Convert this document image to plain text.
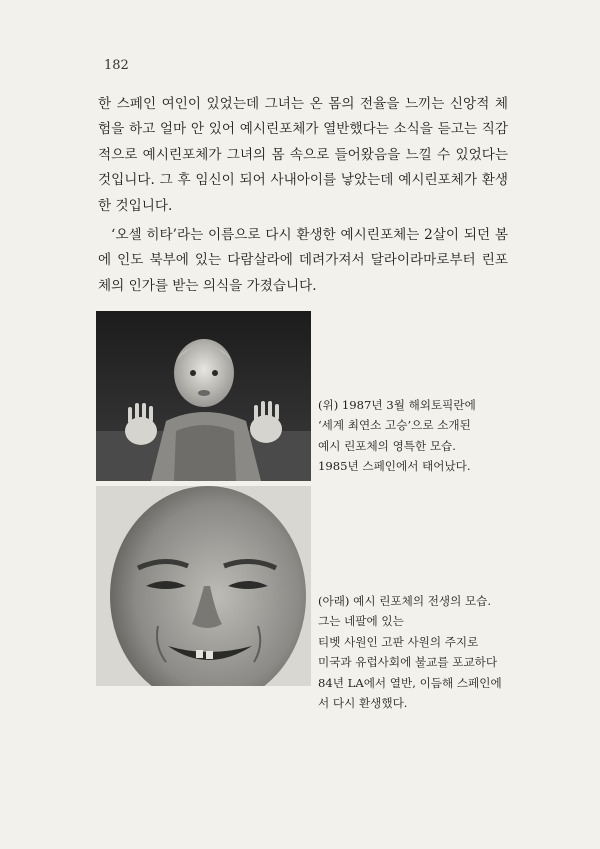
182

한 스페인 여인이 있었는데 그녀는 온 몸의 전율을 느끼는 신앙적 체험을 하고 얼마 안 있어 예시린포체가 열반했다는 소식을 듣고는 직감적으로 예시린포체가 그녀의 몸 속으로 들어왔음을 느낄 수 있었다는 것입니다. 그 후 임신이 되어 사내아이를 낳았는데 예시린포체가 환생한 것입니다.

‘오셀 히타’라는 이름으로 다시 환생한 예시린포체는 2살이 되던 봄에 인도 북부에 있는 다람살라에 데려가져서 달라이라마로부터 린포체의 인가를 받는 의식을 가졌습니다.

(위) 1987년 3월 해외토픽란에
‘세계 최연소 고승’으로 소개된
예시 린포체의 영특한 모습.
1985년 스페인에서 태어났다.
(아래) 예시 린포체의 전생의 모습.
그는 네팔에 있는
티벳 사원인 고판 사원의 주지로
미국과 유럽사회에 불교를 포교하다
84년 LA에서 열반, 이듬해 스페인에
서 다시 환생했다.
